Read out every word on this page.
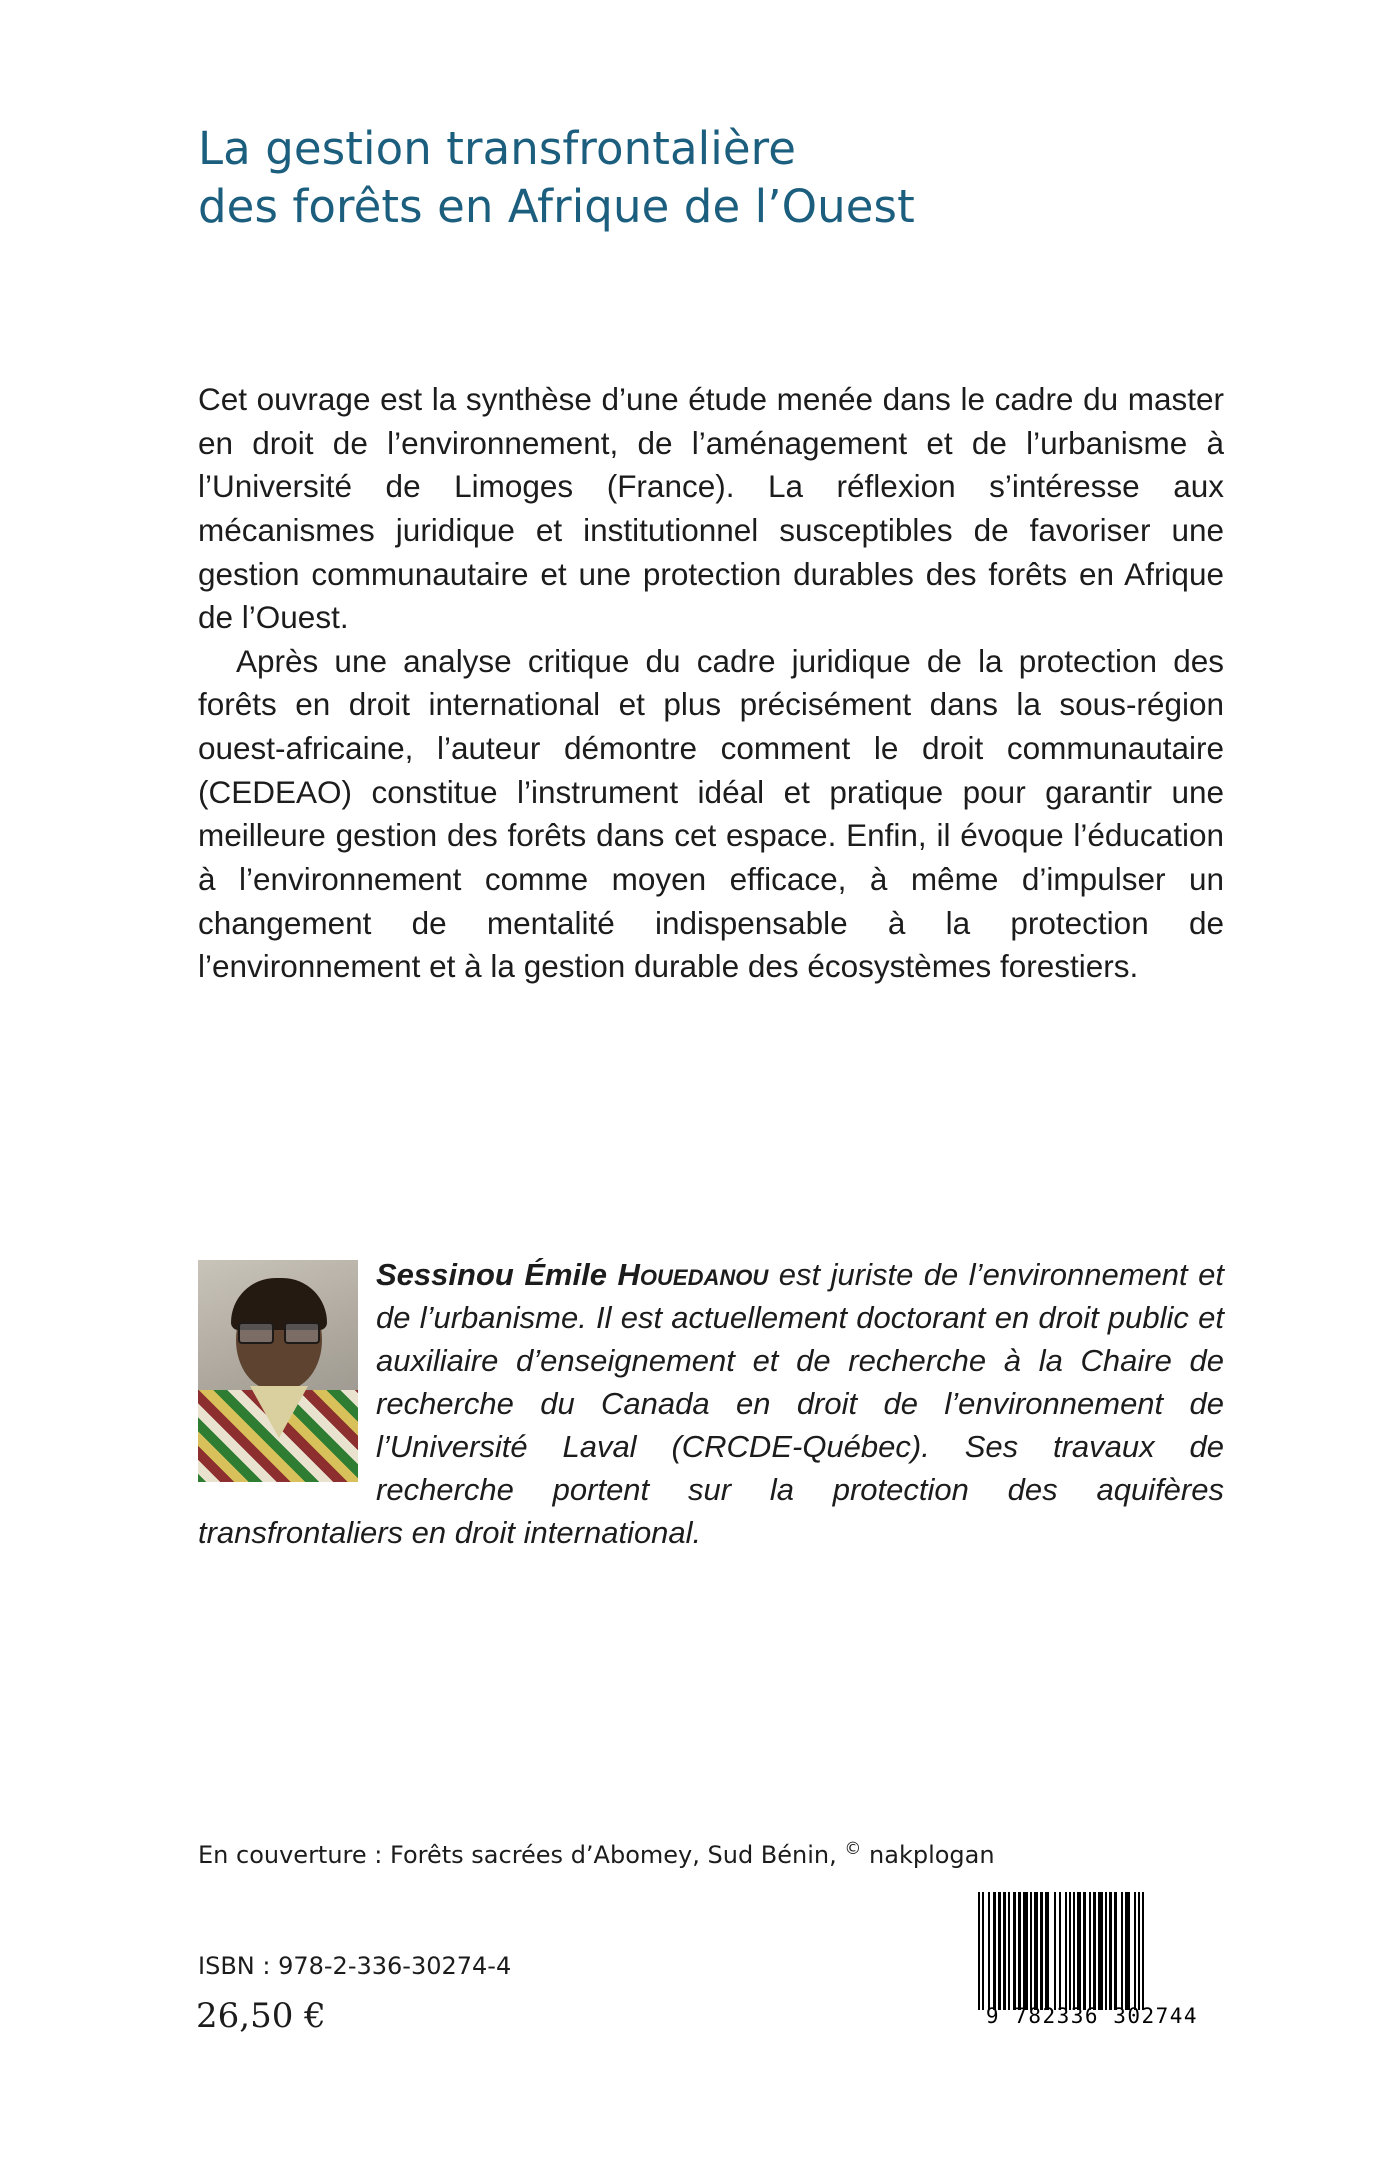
La gestion transfrontalière
des forêts en Afrique de l’Ouest

Cet ouvrage est la synthèse d’une étude menée dans le cadre du master en droit de l’environnement, de l’aménagement et de l’urbanisme à l’Université de Limoges (France). La réflexion s’intéresse aux mécanismes juridique et institutionnel susceptibles de favoriser une gestion communautaire et une protection durables des forêts en Afrique de l’Ouest.

Après une analyse critique du cadre juridique de la protection des forêts en droit international et plus précisément dans la sous-région ouest-africaine, l’auteur démontre comment le droit communautaire (CEDEAO) constitue l’instrument idéal et pratique pour garantir une meilleure gestion des forêts dans cet espace. Enfin, il évoque l’éducation à l’environnement comme moyen efficace, à même d’impulser un changement de mentalité indispensable à la protection de l’environnement et à la gestion durable des écosystèmes forestiers.

Sessinou Émile Houedanou est juriste de l’environnement et de l’urbanisme. Il est actuellement doctorant en droit public et auxiliaire d’enseignement et de recherche à la Chaire de recherche du Canada en droit de l’environnement de l’Université Laval (CRCDE-Québec). Ses travaux de recherche portent sur la protection des aquifères transfrontaliers en droit international.
En couverture : Forêts sacrées d’Abomey, Sud Bénin, © nakplogan
ISBN : 978-2-336-30274-4
26,50 €	9 782336 302744
